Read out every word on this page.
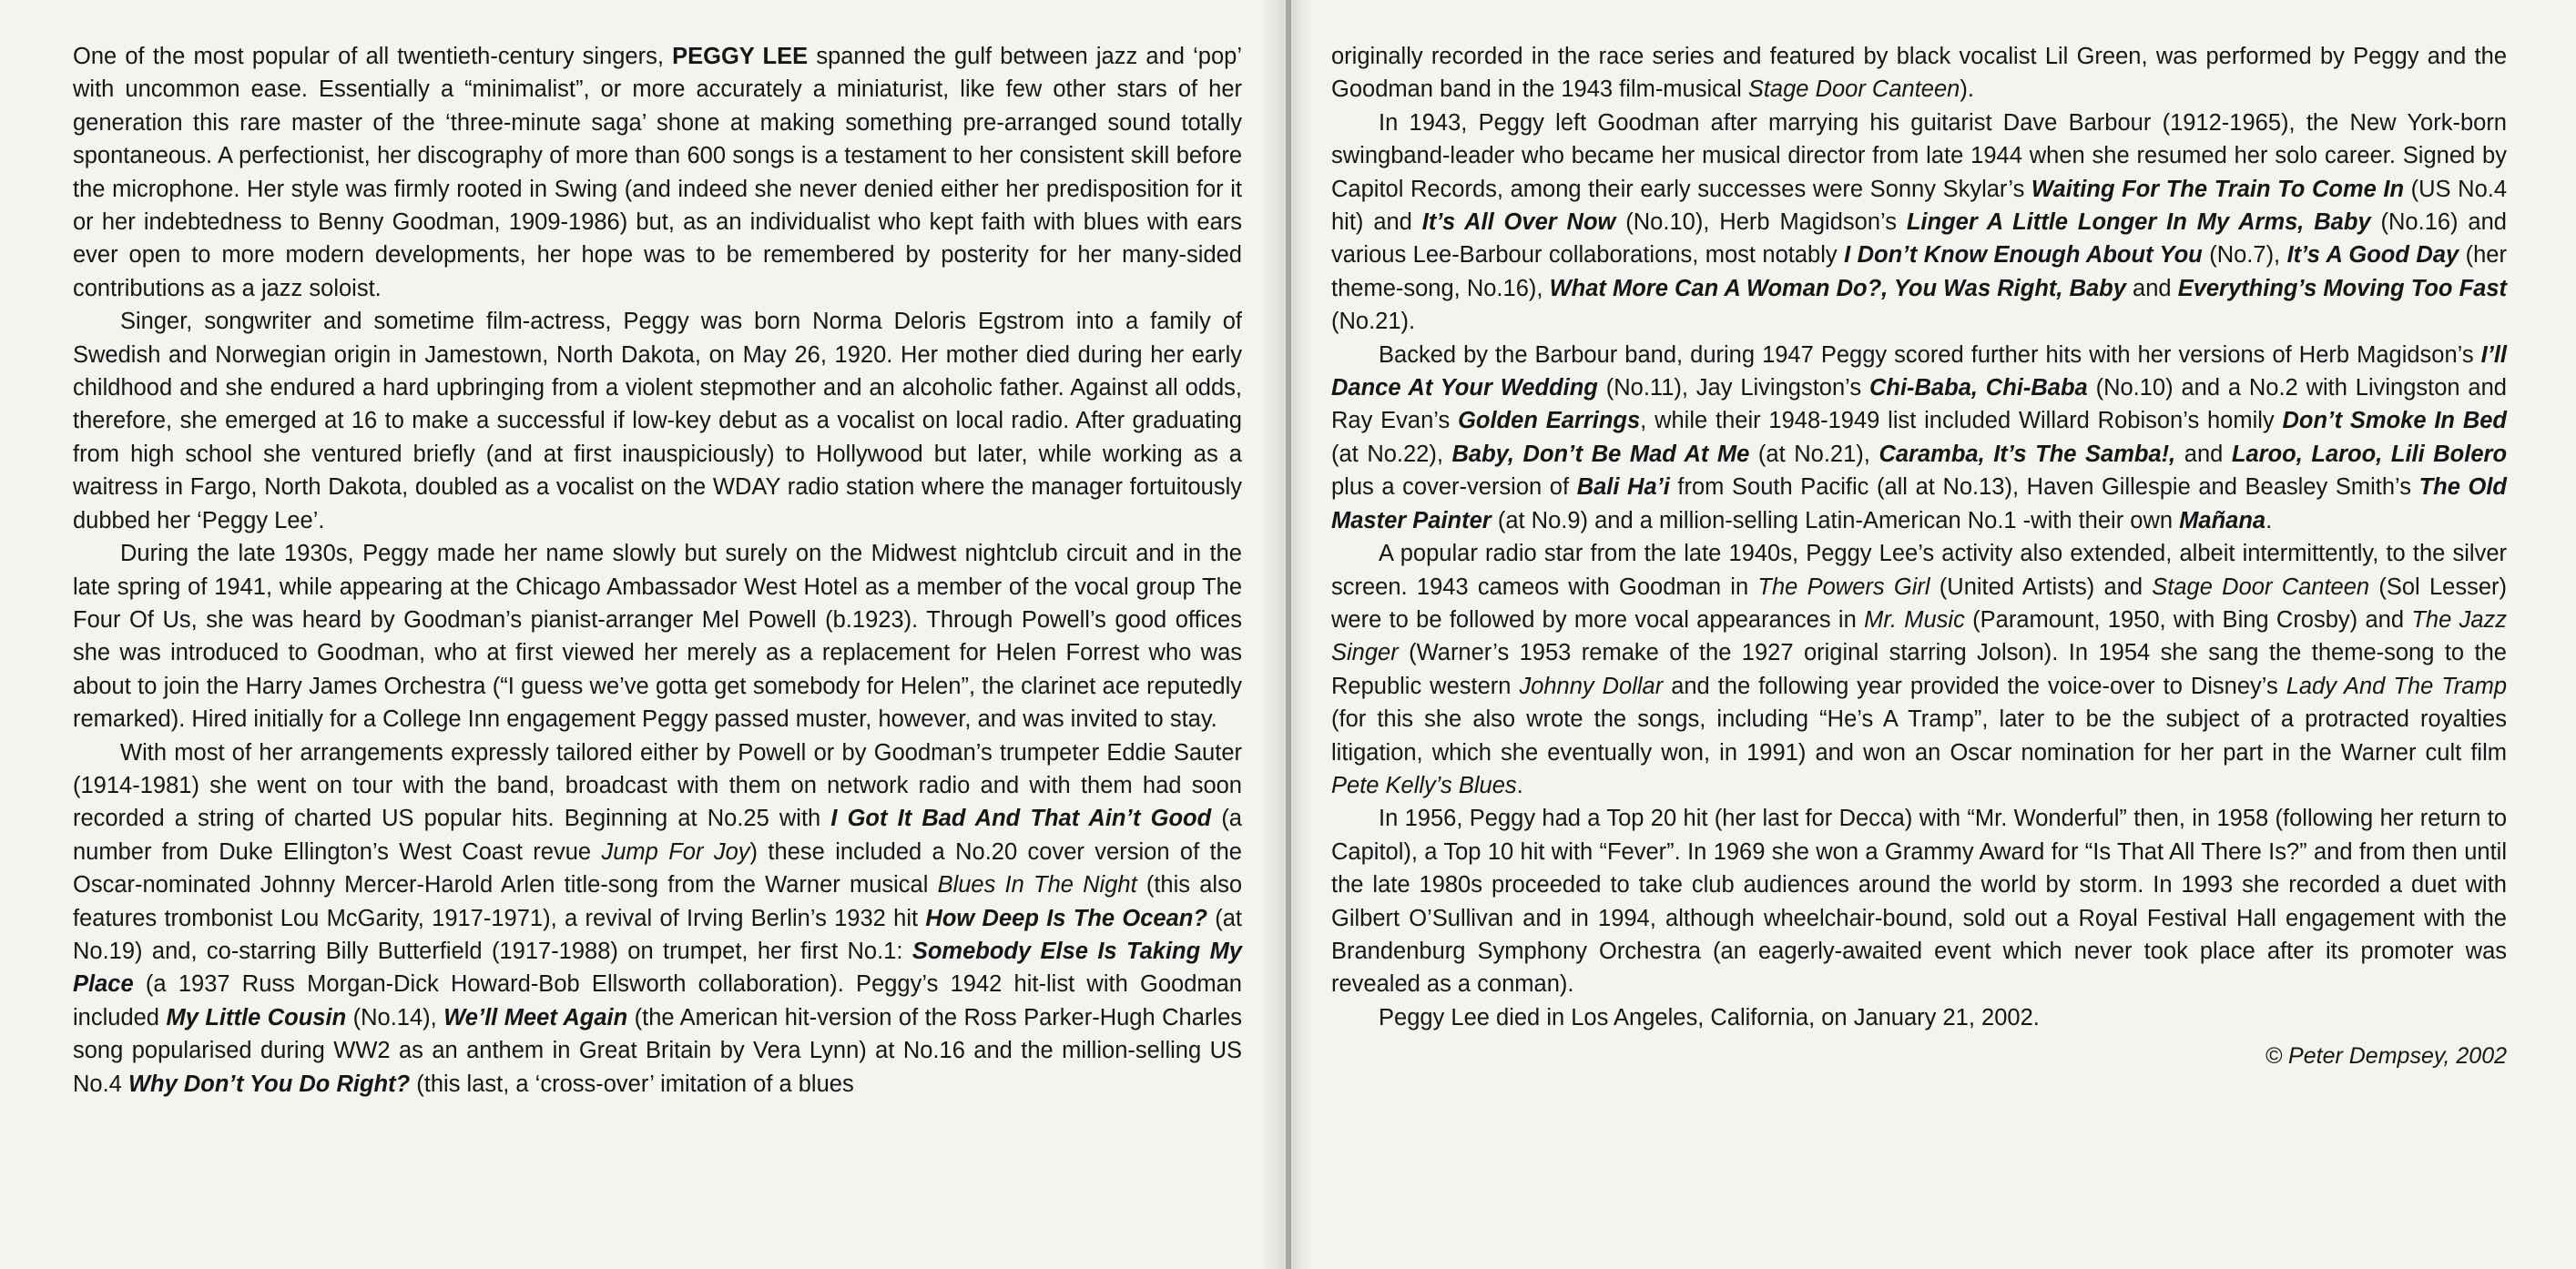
One of the most popular of all twentieth-century singers, PEGGY LEE spanned the gulf between jazz and ‘pop’ with uncommon ease. Essentially a “minimalist”, or more accurately a miniaturist, like few other stars of her generation this rare master of the ‘three-minute saga’ shone at making something pre-arranged sound totally spontaneous. A perfectionist, her discography of more than 600 songs is a testament to her consistent skill before the microphone. Her style was firmly rooted in Swing (and indeed she never denied either her predisposition for it or her indebtedness to Benny Goodman, 1909-1986) but, as an individualist who kept faith with blues with ears ever open to more modern developments, her hope was to be remembered by posterity for her many-sided contributions as a jazz soloist.

Singer, songwriter and sometime film-actress, Peggy was born Norma Deloris Egstrom into a family of Swedish and Norwegian origin in Jamestown, North Dakota, on May 26, 1920. Her mother died during her early childhood and she endured a hard upbringing from a violent stepmother and an alcoholic father. Against all odds, therefore, she emerged at 16 to make a successful if low-key debut as a vocalist on local radio. After graduating from high school she ventured briefly (and at first inauspiciously) to Hollywood but later, while working as a waitress in Fargo, North Dakota, doubled as a vocalist on the WDAY radio station where the manager fortuitously dubbed her ‘Peggy Lee’.

During the late 1930s, Peggy made her name slowly but surely on the Midwest nightclub circuit and in the late spring of 1941, while appearing at the Chicago Ambassador West Hotel as a member of the vocal group The Four Of Us, she was heard by Goodman’s pianist-arranger Mel Powell (b.1923). Through Powell’s good offices she was introduced to Goodman, who at first viewed her merely as a replacement for Helen Forrest who was about to join the Harry James Orchestra (“I guess we’ve gotta get somebody for Helen”, the clarinet ace reputedly remarked). Hired initially for a College Inn engagement Peggy passed muster, however, and was invited to stay.

With most of her arrangements expressly tailored either by Powell or by Goodman’s trumpeter Eddie Sauter (1914-1981) she went on tour with the band, broadcast with them on network radio and with them had soon recorded a string of charted US popular hits. Beginning at No.25 with I Got It Bad And That Ain’t Good (a number from Duke Ellington’s West Coast revue Jump For Joy) these included a No.20 cover version of the Oscar-nominated Johnny Mercer-Harold Arlen title-song from the Warner musical Blues In The Night (this also features trombonist Lou McGarity, 1917-1971), a revival of Irving Berlin’s 1932 hit How Deep Is The Ocean? (at No.19) and, co-starring Billy Butterfield (1917-1988) on trumpet, her first No.1: Somebody Else Is Taking My Place (a 1937 Russ Morgan-Dick Howard-Bob Ellsworth collaboration). Peggy’s 1942 hit-list with Goodman included My Little Cousin (No.14), We’ll Meet Again (the American hit-version of the Ross Parker-Hugh Charles song popularised during WW2 as an anthem in Great Britain by Vera Lynn) at No.16 and the million-selling US No.4 Why Don’t You Do Right? (this last, a ‘cross-over’ imitation of a blues

originally recorded in the race series and featured by black vocalist Lil Green, was performed by Peggy and the Goodman band in the 1943 film-musical Stage Door Canteen).

In 1943, Peggy left Goodman after marrying his guitarist Dave Barbour (1912-1965), the New York-born swingband-leader who became her musical director from late 1944 when she resumed her solo career. Signed by Capitol Records, among their early successes were Sonny Skylar’s Waiting For The Train To Come In (US No.4 hit) and It’s All Over Now (No.10), Herb Magidson’s Linger A Little Longer In My Arms, Baby (No.16) and various Lee-Barbour collaborations, most notably I Don’t Know Enough About You (No.7), It’s A Good Day (her theme-song, No.16), What More Can A Woman Do?, You Was Right, Baby and Everything’s Moving Too Fast (No.21).

Backed by the Barbour band, during 1947 Peggy scored further hits with her versions of Herb Magidson’s I’ll Dance At Your Wedding (No.11), Jay Livingston’s Chi-Baba, Chi-Baba (No.10) and a No.2 with Livingston and Ray Evan’s Golden Earrings, while their 1948-1949 list included Willard Robison’s homily Don’t Smoke In Bed (at No.22), Baby, Don’t Be Mad At Me (at No.21), Caramba, It’s The Samba!, and Laroo, Laroo, Lili Bolero plus a cover-version of Bali Ha’i from South Pacific (all at No.13), Haven Gillespie and Beasley Smith’s The Old Master Painter (at No.9) and a million-selling Latin-American No.1 -with their own Mañana.

A popular radio star from the late 1940s, Peggy Lee’s activity also extended, albeit intermittently, to the silver screen. 1943 cameos with Goodman in The Powers Girl (United Artists) and Stage Door Canteen (Sol Lesser) were to be followed by more vocal appearances in Mr. Music (Paramount, 1950, with Bing Crosby) and The Jazz Singer (Warner’s 1953 remake of the 1927 original starring Jolson). In 1954 she sang the theme-song to the Republic western Johnny Dollar and the following year provided the voice-over to Disney’s Lady And The Tramp (for this she also wrote the songs, including “He’s A Tramp”, later to be the subject of a protracted royalties litigation, which she eventually won, in 1991) and won an Oscar nomination for her part in the Warner cult film Pete Kelly’s Blues.

In 1956, Peggy had a Top 20 hit (her last for Decca) with “Mr. Wonderful” then, in 1958 (following her return to Capitol), a Top 10 hit with “Fever”. In 1969 she won a Grammy Award for “Is That All There Is?” and from then until the late 1980s proceeded to take club audiences around the world by storm. In 1993 she recorded a duet with Gilbert O’Sullivan and in 1994, although wheelchair-bound, sold out a Royal Festival Hall engagement with the Brandenburg Symphony Orchestra (an eagerly-awaited event which never took place after its promoter was revealed as a conman).

Peggy Lee died in Los Angeles, California, on January 21, 2002.

© Peter Dempsey, 2002
